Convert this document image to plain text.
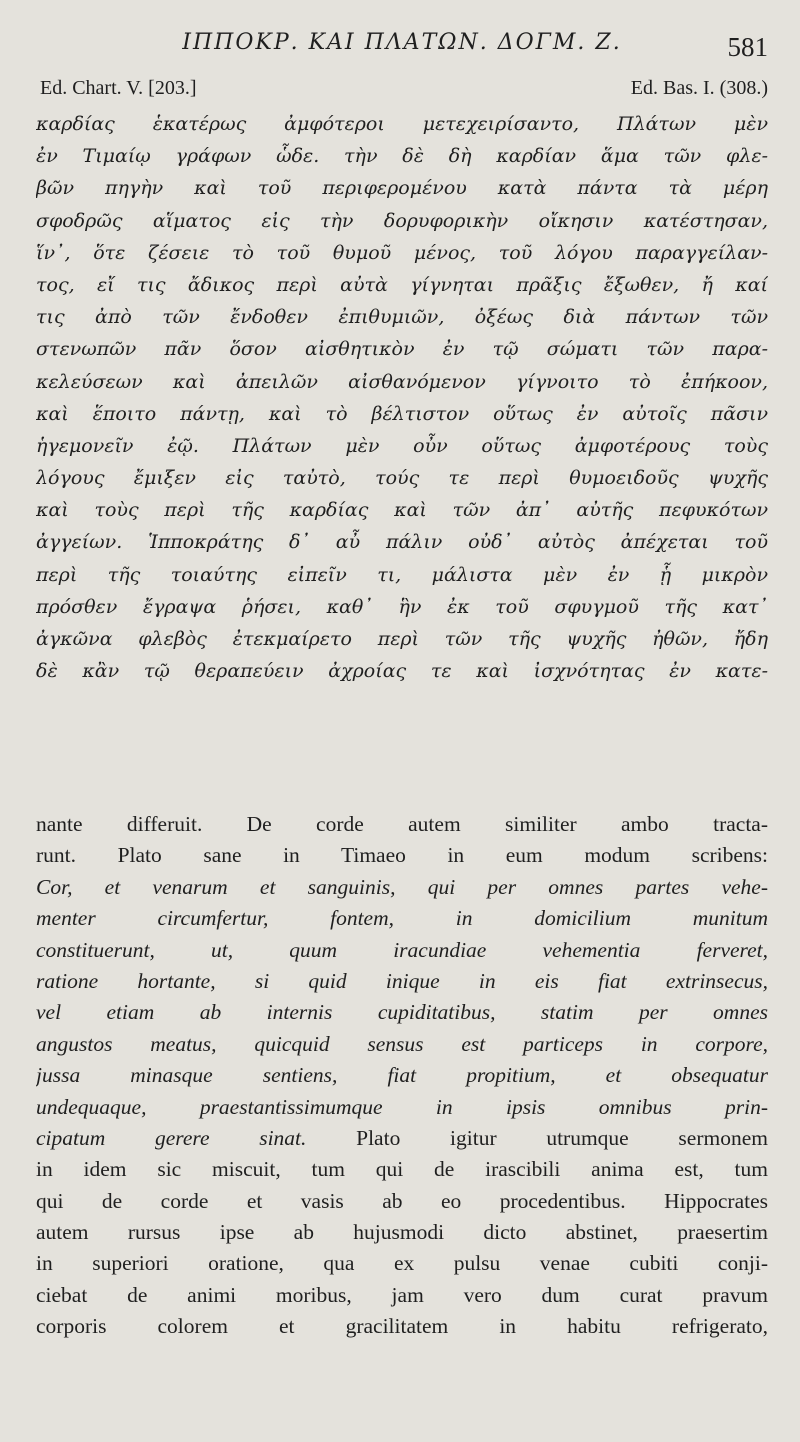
ΙΠΠΟΚΡ. ΚΑΙ ΠΛΑΤΩΝ. ΔΟΓΜ. Ζ.	581
Ed. Chart. V. [203.]	Ed. Bas. I. (308.)
καρδίας ἑκατέρως ἀμφότεροι μετεχειρίσαντο, Πλάτων μὲν
ἐν Τιμαίῳ γράφων ὧδε. τὴν δὲ δὴ καρδίαν ἅμα τῶν φλε-
βῶν πηγὴν καὶ τοῦ περιφερομένου κατὰ πάντα τὰ μέρη
σφοδρῶς αἵματος εἰς τὴν δορυφορικὴν οἴκησιν κατέστησαν,
ἵν᾽, ὅτε ζέσειε τὸ τοῦ θυμοῦ μένος, τοῦ λόγου παραγγείλαν-
τος, εἴ τις ἄδικος περὶ αὐτὰ γίγνηται πρᾶξις ἔξωθεν, ἤ καί
τις ἀπὸ τῶν ἔνδοθεν ἐπιθυμιῶν, ὀξέως διὰ πάντων τῶν
στενωπῶν πᾶν ὅσον αἰσθητικὸν ἐν τῷ σώματι τῶν παρα-
κελεύσεων καὶ ἀπειλῶν αἰσθανόμενον γίγνοιτο τὸ ἐπήκοον,
καὶ ἕποιτο πάντῃ, καὶ τὸ βέλτιστον οὕτως ἐν αὐτοῖς πᾶσιν
ἡγεμονεῖν ἐῷ. Πλάτων μὲν οὖν οὕτως ἀμφοτέρους τοὺς
λόγους ἔμιξεν εἰς ταὐτὸ, τούς τε περὶ θυμοειδοῦς ψυχῆς
καὶ τοὺς περὶ τῆς καρδίας καὶ τῶν ἀπ᾽ αὐτῆς πεφυκότων
ἀγγείων. Ἱπποκράτης δ᾽ αὖ πάλιν οὐδ᾽ αὐτὸς ἀπέχεται τοῦ
περὶ τῆς τοιαύτης εἰπεῖν τι, μάλιστα μὲν ἐν ᾗ μικρὸν
πρόσθεν ἔγραψα ῥήσει, καθ᾽ ἣν ἐκ τοῦ σφυγμοῦ τῆς κατ᾽
ἀγκῶνα φλεβὸς ἐτεκμαίρετο περὶ τῶν τῆς ψυχῆς ἠθῶν, ἤδη
δὲ κἂν τῷ θεραπεύειν ἀχροίας τε καὶ ἰσχνότητας ἐν κατε-
nante differuit. De corde autem similiter ambo tracta-
runt. Plato sane in Timaeo in eum modum scribens:
Cor, et venarum et sanguinis, qui per omnes partes vehe-
menter circumfertur, fontem, in domicilium munitum
constituerunt, ut, quum iracundiae vehementia ferveret,
ratione hortante, si quid inique in eis fiat extrinsecus,
vel etiam ab internis cupiditatibus, statim per omnes
angustos meatus, quicquid sensus est particeps in corpore,
jussa minasque sentiens, fiat propitium, et obsequatur
undequaque, praestantissimumque in ipsis omnibus prin-
cipatum gerere sinat. Plato igitur utrumque sermonem
in idem sic miscuit, tum qui de irascibili anima est, tum
qui de corde et vasis ab eo procedentibus. Hippocrates
autem rursus ipse ab hujusmodi dicto abstinet, praesertim
in superiori oratione, qua ex pulsu venae cubiti conji-
ciebat de animi moribus, jam vero dum curat pravum
corporis colorem et gracilitatem in habitu refrigerato,
